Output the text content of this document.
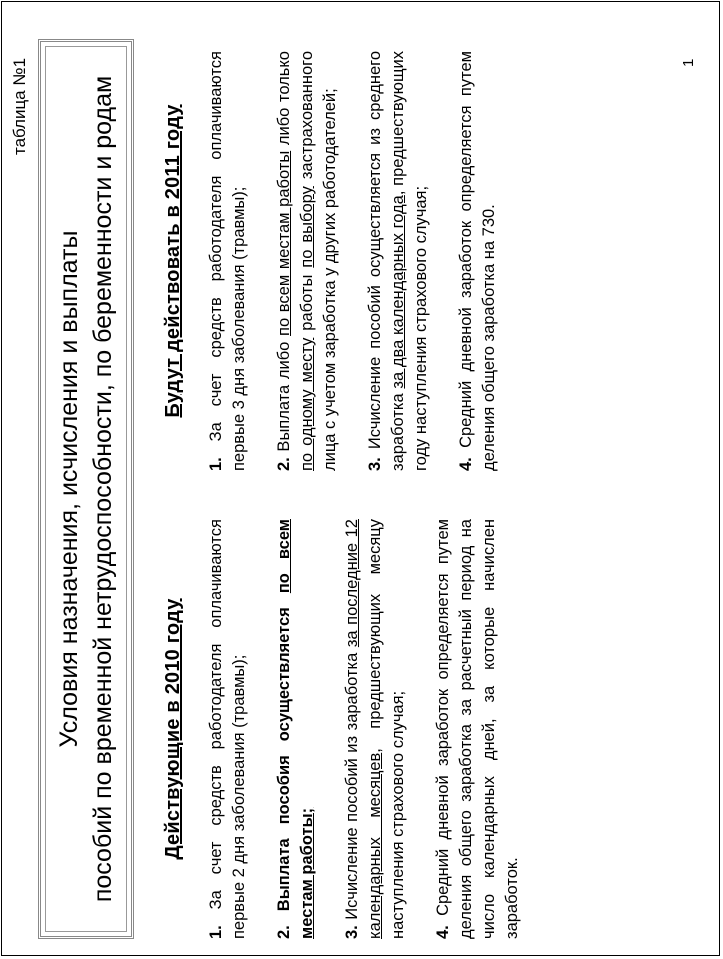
таблица №1

Условия назначения, исчисления и выплаты пособий по временной нетрудоспособности, по беременности и родам Действующие в 2010 году

1. За счет средств работодателя оплачиваются первые 2 дня заболевания (травмы); 2. Выплата пособия осуществляется по всем местам работы; 3. Исчисление пособий из заработка за последние 12 календарных месяцев, предшествующих месяцу наступления страхового случая; 4. Средний дневной заработок определяется путем деления общего заработка за расчетный период на число календарных дней, за которые начислен заработок.

Будут действовать в 2011 году

1. За счет средств работодателя оплачиваются первые 3 дня заболевания (травмы); 2. Выплата либо по всем местам работы либо только по одному месту работы по выбору застрахованного лица с учетом заработка у других работодателей; 3. Исчисление пособий осуществляется из среднего заработка за два календарных года, предшествующих году наступления страхового случая; 4. Средний дневной заработок определяется путем деления общего заработка на 730.

1
